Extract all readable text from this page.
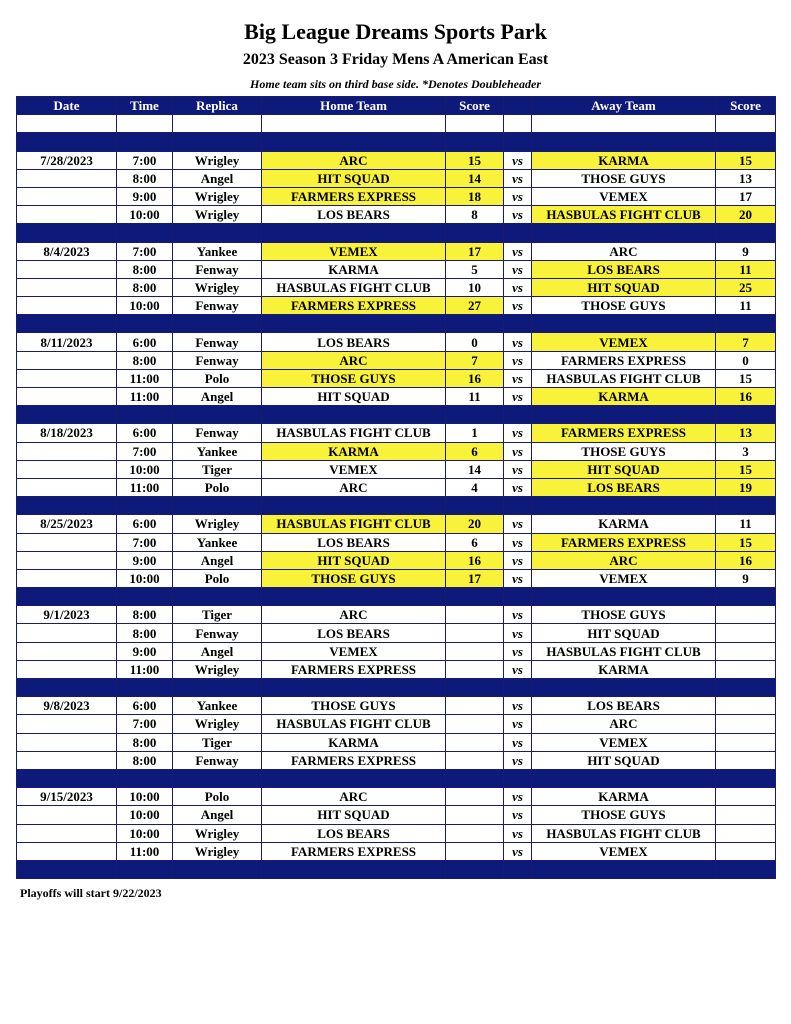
Big League Dreams Sports Park
2023 Season 3 Friday Mens A American East
Home team sits on third base side. *Denotes Doubleheader
Date	Time	Replica	Home Team	Score		Away Team	Score

7/28/2023	7:00	Wrigley	ARC	15	vs	KARMA	15
	8:00	Angel	HIT SQUAD	14	vs	THOSE GUYS	13
	9:00	Wrigley	FARMERS EXPRESS	18	vs	VEMEX	17
	10:00	Wrigley	LOS BEARS	8	vs	HASBULAS FIGHT CLUB	20

8/4/2023	7:00	Yankee	VEMEX	17	vs	ARC	9
	8:00	Fenway	KARMA	5	vs	LOS BEARS	11
	8:00	Wrigley	HASBULAS FIGHT CLUB	10	vs	HIT SQUAD	25
	10:00	Fenway	FARMERS EXPRESS	27	vs	THOSE GUYS	11

8/11/2023	6:00	Fenway	LOS BEARS	0	vs	VEMEX	7
	8:00	Fenway	ARC	7	vs	FARMERS EXPRESS	0
	11:00	Polo	THOSE GUYS	16	vs	HASBULAS FIGHT CLUB	15
	11:00	Angel	HIT SQUAD	11	vs	KARMA	16

8/18/2023	6:00	Fenway	HASBULAS FIGHT CLUB	1	vs	FARMERS EXPRESS	13
	7:00	Yankee	KARMA	6	vs	THOSE GUYS	3
	10:00	Tiger	VEMEX	14	vs	HIT SQUAD	15
	11:00	Polo	ARC	4	vs	LOS BEARS	19

8/25/2023	6:00	Wrigley	HASBULAS FIGHT CLUB	20	vs	KARMA	11
	7:00	Yankee	LOS BEARS	6	vs	FARMERS EXPRESS	15
	9:00	Angel	HIT SQUAD	16	vs	ARC	16
	10:00	Polo	THOSE GUYS	17	vs	VEMEX	9

9/1/2023	8:00	Tiger	ARC		vs	THOSE GUYS	
	8:00	Fenway	LOS BEARS		vs	HIT SQUAD	
	9:00	Angel	VEMEX		vs	HASBULAS FIGHT CLUB	
	11:00	Wrigley	FARMERS EXPRESS		vs	KARMA	

9/8/2023	6:00	Yankee	THOSE GUYS		vs	LOS BEARS	
	7:00	Wrigley	HASBULAS FIGHT CLUB		vs	ARC	
	8:00	Tiger	KARMA		vs	VEMEX	
	8:00	Fenway	FARMERS EXPRESS		vs	HIT SQUAD	

9/15/2023	10:00	Polo	ARC		vs	KARMA	
	10:00	Angel	HIT SQUAD		vs	THOSE GUYS	
	10:00	Wrigley	LOS BEARS		vs	HASBULAS FIGHT CLUB	
	11:00	Wrigley	FARMERS EXPRESS		vs	VEMEX	

Playoffs will start 9/22/2023
